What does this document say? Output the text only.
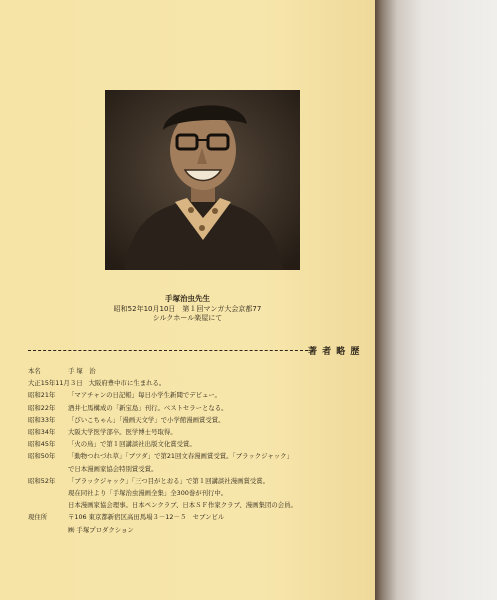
手塚治虫先生
昭和52年10月10日　第１回マンガ大会京都77
シルクホール楽屋にて
著 者 略 歴
本名	手 塚　治
大正15年11月３日 大阪府豊中市に生まれる。
昭和21年	「マアチャンの日記帳」毎日小学生新聞でデビュー。
昭和22年	酒井七馬構成の「新宝島」刊行。ベストセラーとなる。
昭和33年	「びいこちゃん」「漫画天文学」で小学館漫画賞受賞。
昭和34年	大阪大学医学部卒。医学博士号取得。
昭和45年	「火の鳥」で第１回講談社出版文化賞受賞。
昭和50年	「動物つれづれ草」「ブツダ」で第21回文春漫画賞受賞。「ブラックジャック」
で日本漫画家協会特別賞受賞。
昭和52年	「ブラックジャック」「三つ目がとおる」で第１回講談社漫画賞受賞。
現在同社より「手塚治虫漫画全集」全300巻が刊行中。
日本漫画家協会理事。日本ペンクラブ、日本ＳＦ作家クラブ、漫画集団の会員。
現住所	〒106 東京都新宿区高田馬場３－12－５　セブンビル
㈱ 手塚プロダクション
